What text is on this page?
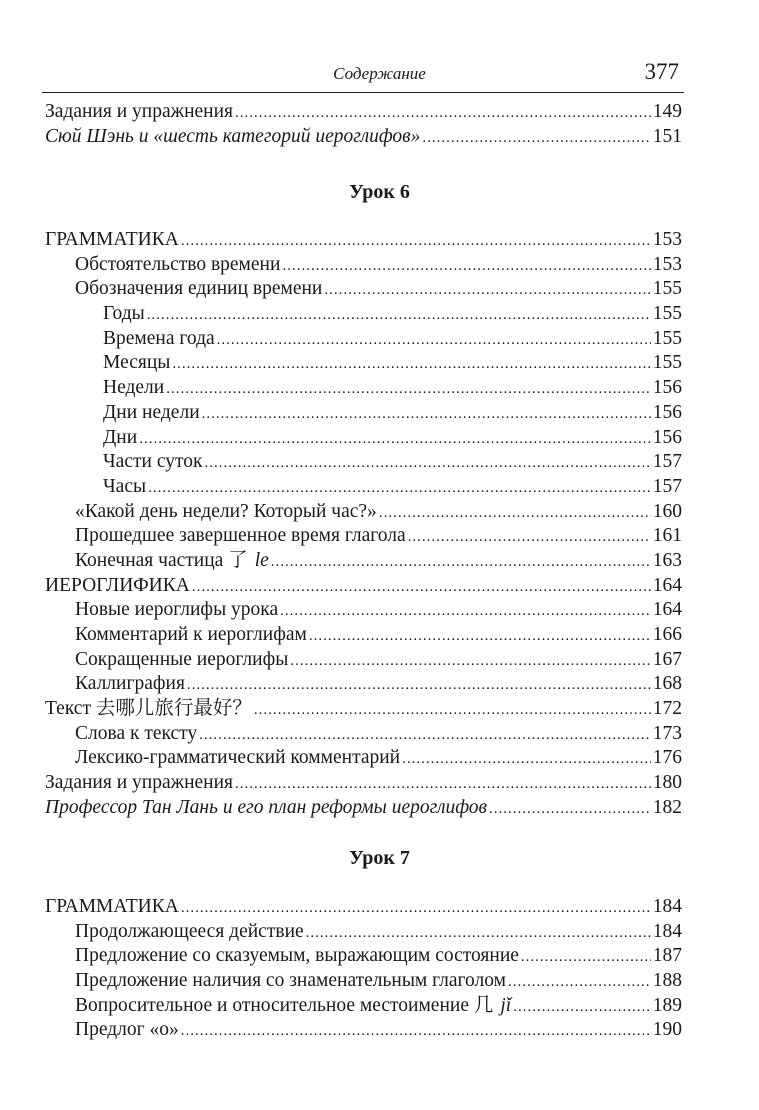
Содержание	377
Задания и упражнения .....	149
Сюй Шэнь и «шесть категорий иероглифов» .....	151
Урок 6
ГРАММАТИКА .....	153
Обстоятельство времени .....	153
Обозначения единиц времени .....	155
Годы .....	155
Времена года .....	155
Месяцы .....	155
Недели .....	156
Дни недели .....	156
Дни .....	156
Части суток .....	157
Часы .....	157
«Какой день недели? Который час?» .....	160
Прошедшее завершенное время глагола .....	161
Конечная частица 了 le .....	163
ИЕРОГЛИФИКА .....	164
Новые иероглифы урока .....	164
Комментарий к иероглифам .....	166
Сокращенные иероглифы .....	167
Каллиграфия .....	168
Текст 去哪儿旅行最好？ .....	172
Слова к тексту .....	173
Лексико-грамматический комментарий .....	176
Задания и упражнения .....	180
Профессор Тан Лань и его план реформы иероглифов .....	182
Урок 7
ГРАММАТИКА .....	184
Продолжающееся действие .....	184
Предложение со сказуемым, выражающим состояние .....	187
Предложение наличия со знаменательным глаголом .....	188
Вопросительное и относительное местоимение 几 jǐ .....	189
Предлог «о» .....	190
